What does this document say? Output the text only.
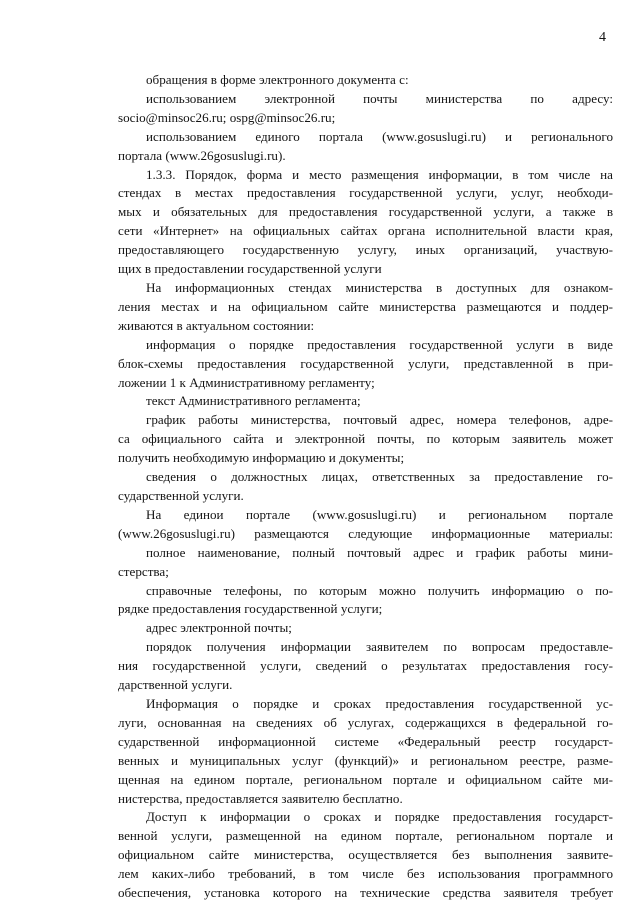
4
обращения в форме электронного документа с:
использованием электронной почты министерства по адресу:
socio@minsoc26.ru; ospg@minsoc26.ru;
использованием единого портала (www.gosuslugi.ru) и регионального
портала (www.26gosuslugi.ru).
1.3.3. Порядок, форма и место размещения информации, в том числе на
стендах в местах предоставления государственной услуги, услуг, необходи-
мых и обязательных для предоставления государственной услуги, а также в
сети «Интернет» на официальных сайтах органа исполнительной власти края,
предоставляющего государственную услугу, иных организаций, участвую-
щих в предоставлении государственной услуги
На информационных стендах министерства в доступных для ознаком-
ления местах и на официальном сайте министерства размещаются и поддер-
живаются в актуальном состоянии:
информация о порядке предоставления государственной услуги в виде
блок-схемы предоставления государственной услуги, представленной в при-
ложении 1 к Административному регламенту;
текст Административного регламента;
график работы министерства, почтовый адрес, номера телефонов, адре-
са официального сайта и электронной почты, по которым заявитель может
получить необходимую информацию и документы;
сведения о должностных лицах, ответственных за предоставление го-
сударственной услуги.
На единои портале (www.gosuslugi.ru) и региональном портале
(www.26gosuslugi.ru) размещаются следующие информационные материалы:
полное наименование, полный почтовый адрес и график работы мини-
стерства;
справочные телефоны, по которым можно получить информацию о по-
рядке предоставления государственной услуги;
адрес электронной почты;
порядок получения информации заявителем по вопросам предоставле-
ния государственной услуги, сведений о результатах предоставления госу-
дарственной услуги.
Информация о порядке и сроках предоставления государственной ус-
луги, основанная на сведениях об услугах, содержащихся в федеральной го-
сударственной информационной системе «Федеральный реестр государст-
венных и муниципальных услуг (функций)» и региональном реестре, разме-
щенная на едином портале, региональном портале и официальном сайте ми-
нистерства, предоставляется заявителю бесплатно.
Доступ к информации о сроках и порядке предоставления государст-
венной услуги, размещенной на едином портале, региональном портале и
официальном сайте министерства, осуществляется без выполнения заявите-
лем каких-либо требований, в том числе без использования программного
обеспечения, установка которого на технические средства заявителя требует
